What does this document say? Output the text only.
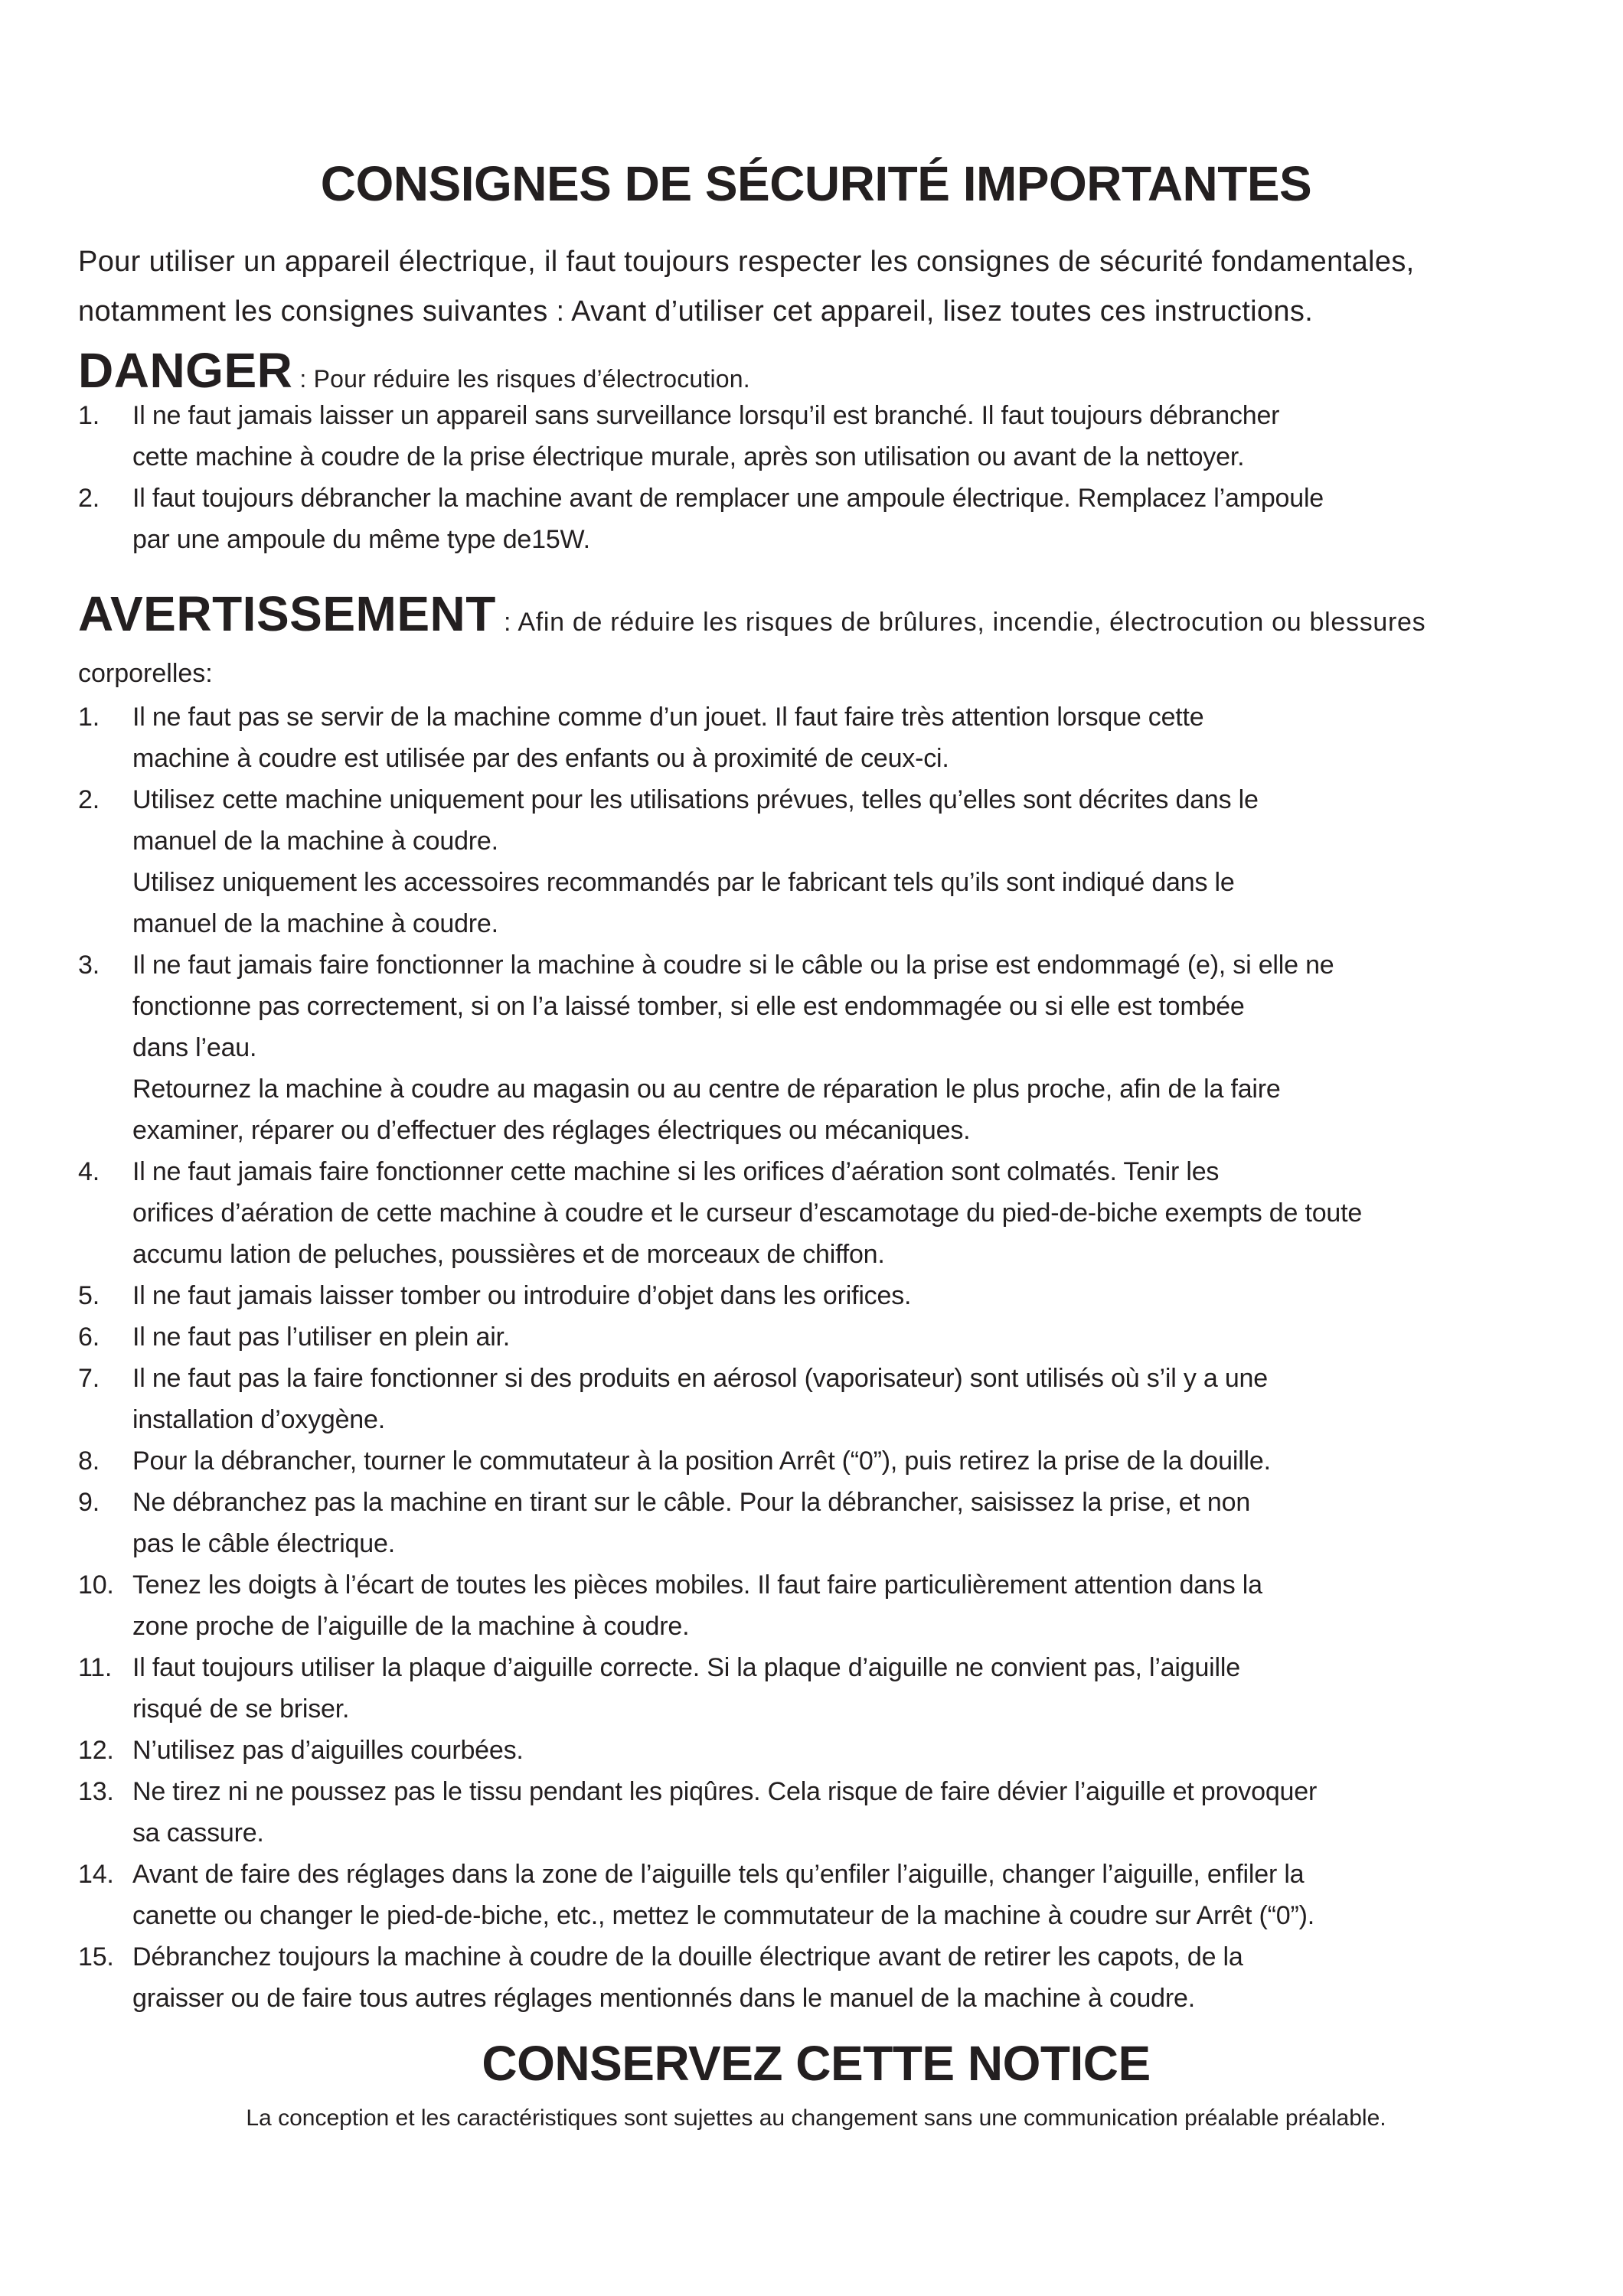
CONSIGNES DE SÉCURITÉ IMPORTANTES

Pour utiliser un appareil électrique, il faut toujours respecter les consignes de sécurité fondamentales,
notamment les consignes suivantes : Avant d’utiliser cet appareil, lisez toutes ces instructions.

DANGER : Pour réduire les risques d’électrocution.

1. Il ne faut jamais laisser un appareil sans surveillance lorsqu’il est branché. Il faut toujours débrancher
cette machine à coudre de la prise électrique murale, après son utilisation ou avant de la nettoyer.
2. Il faut toujours débrancher la machine avant de remplacer une ampoule électrique. Remplacez l’ampoule
par une ampoule du même type de15W.

AVERTISSEMENT : Afin de réduire les risques de brûlures, incendie, électrocution ou blessures

corporelles:

1. Il ne faut pas se servir de la machine comme d’un jouet. Il faut faire très attention lorsque cette
machine à coudre est utilisée par des enfants ou à proximité de ceux-ci.
2. Utilisez cette machine uniquement pour les utilisations prévues, telles qu’elles sont décrites dans le
manuel de la machine à coudre.
Utilisez uniquement les accessoires recommandés par le fabricant tels qu’ils sont indiqué dans le
manuel de la machine à coudre.
3. Il ne faut jamais faire fonctionner la machine à coudre si le câble ou la prise est endommagé (e), si elle ne
fonctionne pas correctement, si on l’a laissé tomber, si elle est endommagée ou si elle est tombée
dans l’eau.
Retournez la machine à coudre au magasin ou au centre de réparation le plus proche, afin de la faire
examiner, réparer ou d’effectuer des réglages électriques ou mécaniques.
4. Il ne faut jamais faire fonctionner cette machine si les orifices d’aération sont colmatés. Tenir les
orifices d’aération de cette machine à coudre et le curseur d’escamotage du pied-de-biche exempts de toute
accumu lation de peluches, poussières et de morceaux de chiffon.
5. Il ne faut jamais laisser tomber ou introduire d’objet dans les orifices.
6. Il ne faut pas l’utiliser en plein air.
7. Il ne faut pas la faire fonctionner si des produits en aérosol (vaporisateur) sont utilisés où s’il y a une
installation d’oxygène.
8. Pour la débrancher, tourner le commutateur à la position Arrêt (“0”), puis retirez la prise de la douille.
9. Ne débranchez pas la machine en tirant sur le câble. Pour la débrancher, saisissez la prise, et non
pas le câble électrique.
10. Tenez les doigts à l’écart de toutes les pièces mobiles. Il faut faire particulièrement attention dans la
zone proche de l’aiguille de la machine à coudre.
11. Il faut toujours utiliser la plaque d’aiguille correcte. Si la plaque d’aiguille ne convient pas, l’aiguille
risqué de se briser.
12. N’utilisez pas d’aiguilles courbées.
13. Ne tirez ni ne poussez pas le tissu pendant les piqûres. Cela risque de faire dévier l’aiguille et provoquer
sa cassure.
14. Avant de faire des réglages dans la zone de l’aiguille tels qu’enfiler l’aiguille, changer l’aiguille, enfiler la
canette ou changer le pied-de-biche, etc., mettez le commutateur de la machine à coudre sur Arrêt (“0”).
15. Débranchez toujours la machine à coudre de la douille électrique avant de retirer les capots, de la
graisser ou de faire tous autres réglages mentionnés dans le manuel de la machine à coudre.
CONSERVEZ CETTE NOTICE

La conception et les caractéristiques sont sujettes au changement sans une communication préalable préalable.
